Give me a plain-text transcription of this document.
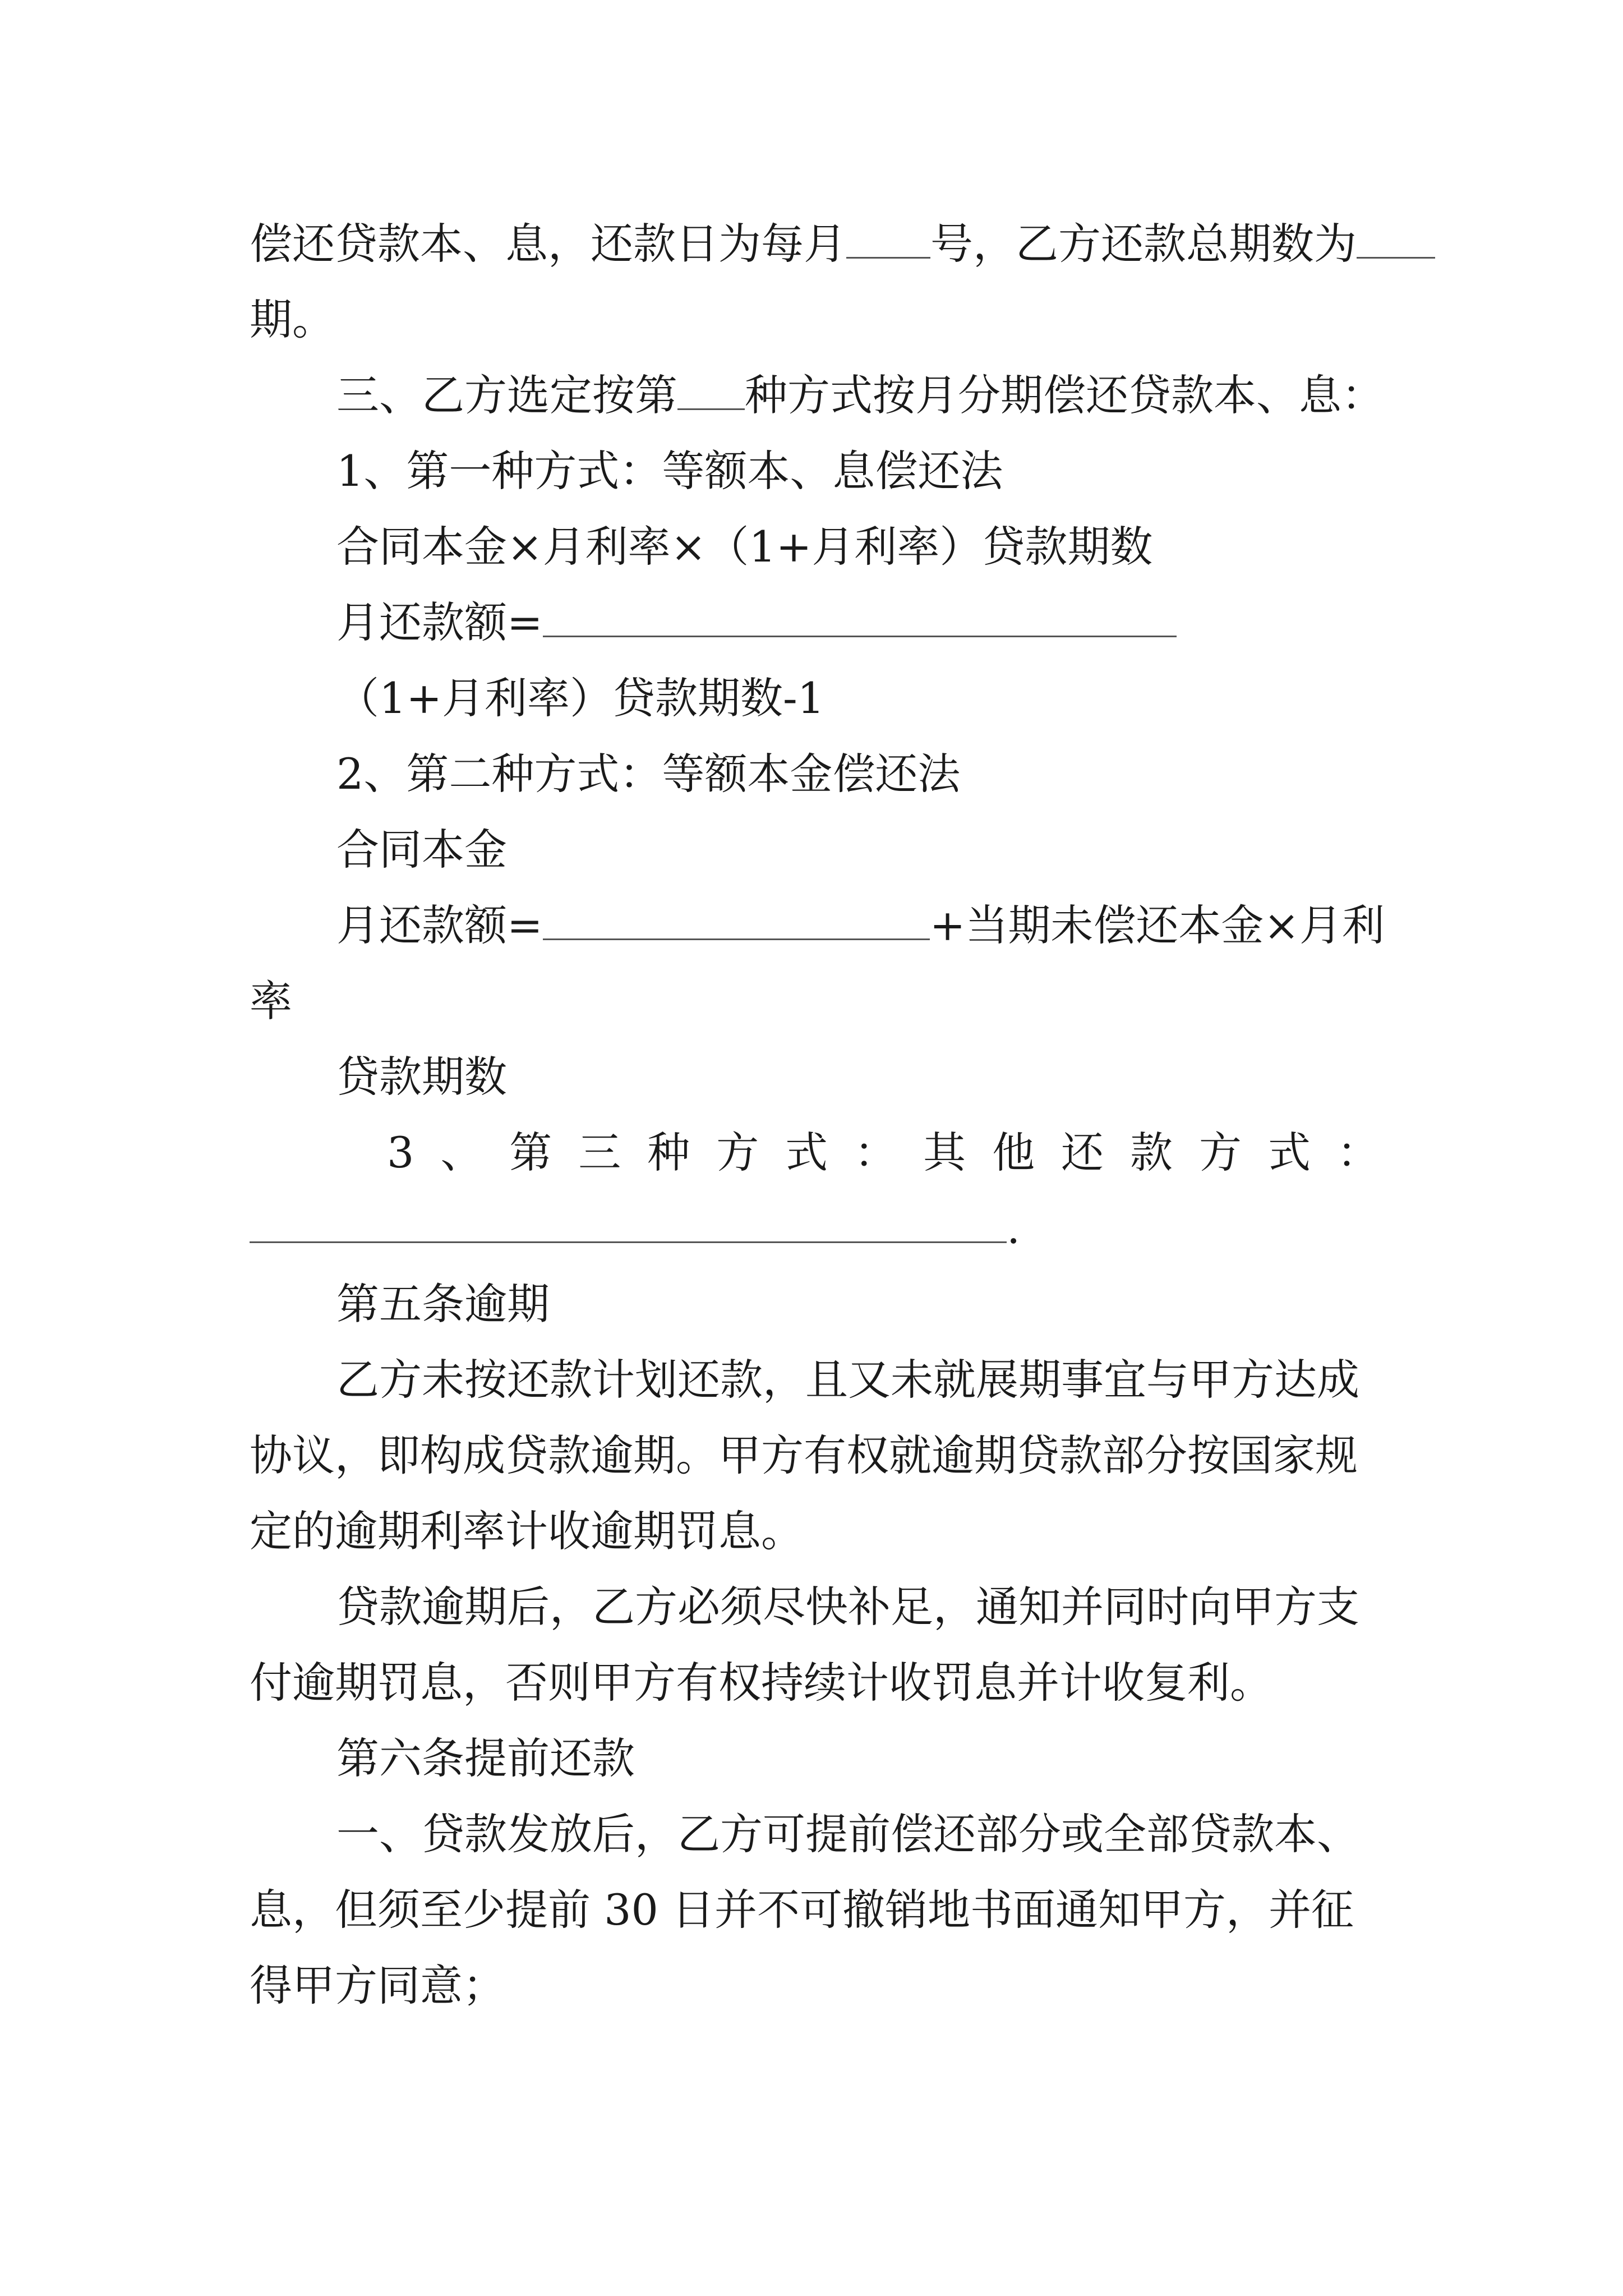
偿还贷款本、息，还款日为每月 号，乙方还款总期数为
期。
三、乙方选定按第 种方式按月分期偿还贷款本、息：
1、第一种方式：等额本、息偿还法
合同本金×月利率×（1+月利率）贷款期数
月还款额=
（1+月利率）贷款期数-1
2、第二种方式：等额本金偿还法
合同本金
月还款额=	+当期未偿还本金×月利
率
贷款期数
3 、 第 三 种 方 式 ： 其 他 还 款 方 式 ：
.
第五条逾期
乙方未按还款计划还款，且又未就展期事宜与甲方达成
协议，即构成贷款逾期。甲方有权就逾期贷款部分按国家规
定的逾期利率计收逾期罚息。
贷款逾期后，乙方必须尽快补足，通知并同时向甲方支
付逾期罚息，否则甲方有权持续计收罚息并计收复利。
第六条提前还款
一、贷款发放后，乙方可提前偿还部分或全部贷款本、
息，但须至少提前 30 日并不可撤销地书面通知甲方，并征
得甲方同意；
